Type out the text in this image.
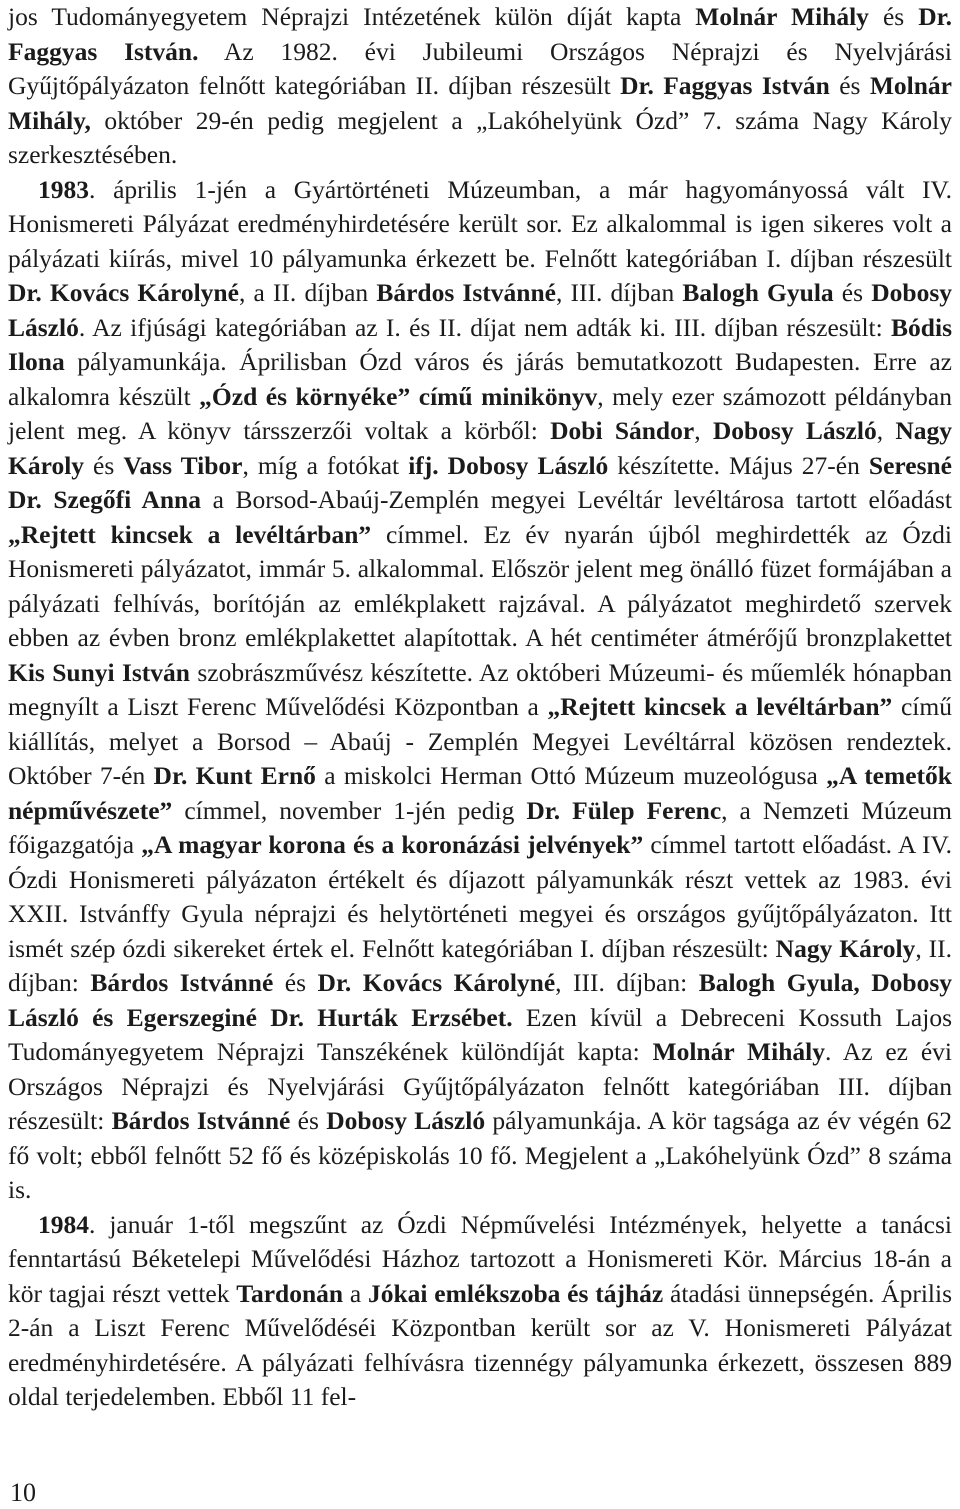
jos Tudományegyetem Néprajzi Intézetének külön díját kapta Molnár Mihály és Dr. Faggyas István. Az 1982. évi Jubileumi Országos Néprajzi és Nyelvjárási Gyűjtőpályázaton felnőtt kategóriában II. díjban részesült Dr. Faggyas István és Molnár Mihály, október 29-én pedig megjelent a „Lakóhelyünk Ózd” 7. száma Nagy Károly szerkesztésében.

1983. április 1-jén a Gyártörténeti Múzeumban, a már hagyományossá vált IV. Honismereti Pályázat eredményhirdetésére került sor. Ez alkalommal is igen sikeres volt a pályázati kiírás, mivel 10 pályamunka érkezett be. Felnőtt kategóriában I. díjban részesült Dr. Kovács Károlyné, a II. díjban Bárdos Istvánné, III. díjban Balogh Gyula és Dobosy László. Az ifjúsági kategóriában az I. és II. díjat nem adták ki. III. díjban részesült: Bódis Ilona pályamunkája. Áprilisban Ózd város és járás bemutatkozott Budapesten. Erre az alkalomra készült „Ózd és környéke” című minikönyv, mely ezer számozott példányban jelent meg. A könyv társszerzői voltak a körből: Dobi Sándor, Dobosy László, Nagy Károly és Vass Tibor, míg a fotókat ifj. Dobosy László készítette. Május 27-én Seresné Dr. Szegőfi Anna a Borsod-Abaúj-Zemplén megyei Levéltár levéltárosa tartott előadást „Rejtett kincsek a levéltárban” címmel. Ez év nyarán újból meghirdették az Ózdi Honismereti pályázatot, immár 5. alkalommal. Először jelent meg önálló füzet formájában a pályázati felhívás, borítóján az emlékplakett rajzával. A pályázatot meghirdető szervek ebben az évben bronz emlékplakettet alapítottak. A hét centiméter átmérőjű bronzplakettet Kis Sunyi István szobrászművész készítette. Az októberi Múzeumi- és műemlék hónapban megnyílt a Liszt Ferenc Művelődési Központban a „Rejtett kincsek a levéltárban” című kiállítás, melyet a Borsod – Abaúj - Zemplén Megyei Levéltárral közösen rendeztek. Október 7-én Dr. Kunt Ernő a miskolci Herman Ottó Múzeum muzeológusa „A temetők népművészete” címmel, november 1-jén pedig Dr. Fülep Ferenc, a Nemzeti Múzeum főigazgatója „A magyar korona és a koronázási jelvények” címmel tartott előadást. A IV. Ózdi Honismereti pályázaton értékelt és díjazott pályamunkák részt vettek az 1983. évi XXII. Istvánffy Gyula néprajzi és helytörténeti megyei és országos gyűjtőpályázaton. Itt ismét szép ózdi sikereket értek el. Felnőtt kategóriában I. díjban részesült: Nagy Károly, II. díjban: Bárdos Istvánné és Dr. Kovács Károlyné, III. díjban: Balogh Gyula, Dobosy László és Egerszeginé Dr. Hurták Erzsébet. Ezen kívül a Debreceni Kossuth Lajos Tudományegyetem Néprajzi Tanszékének különdíját kapta: Molnár Mihály. Az ez évi Országos Néprajzi és Nyelvjárási Gyűjtőpályázaton felnőtt kategóriában III. díjban részesült: Bárdos Istvánné és Dobosy László pályamunkája. A kör tagsága az év végén 62 fő volt; ebből felnőtt 52 fő és középiskolás 10 fő. Megjelent a „Lakóhelyünk Ózd” 8 száma is.

1984. január 1-től megszűnt az Ózdi Népművelési Intézmények, helyette a tanácsi fenntartású Béketelepi Művelődési Házhoz tartozott a Honismereti Kör. Március 18-án a kör tagjai részt vettek Tardonán a Jókai emlékszoba és tájház átadási ünnepségén. Április 2-án a Liszt Ferenc Művelődéséi Központban került sor az V. Honismereti Pályázat eredményhirdetésére. A pályázati felhívásra tizennégy pályamunka érkezett, összesen 889 oldal terjedelemben. Ebből 11 fel-

10
